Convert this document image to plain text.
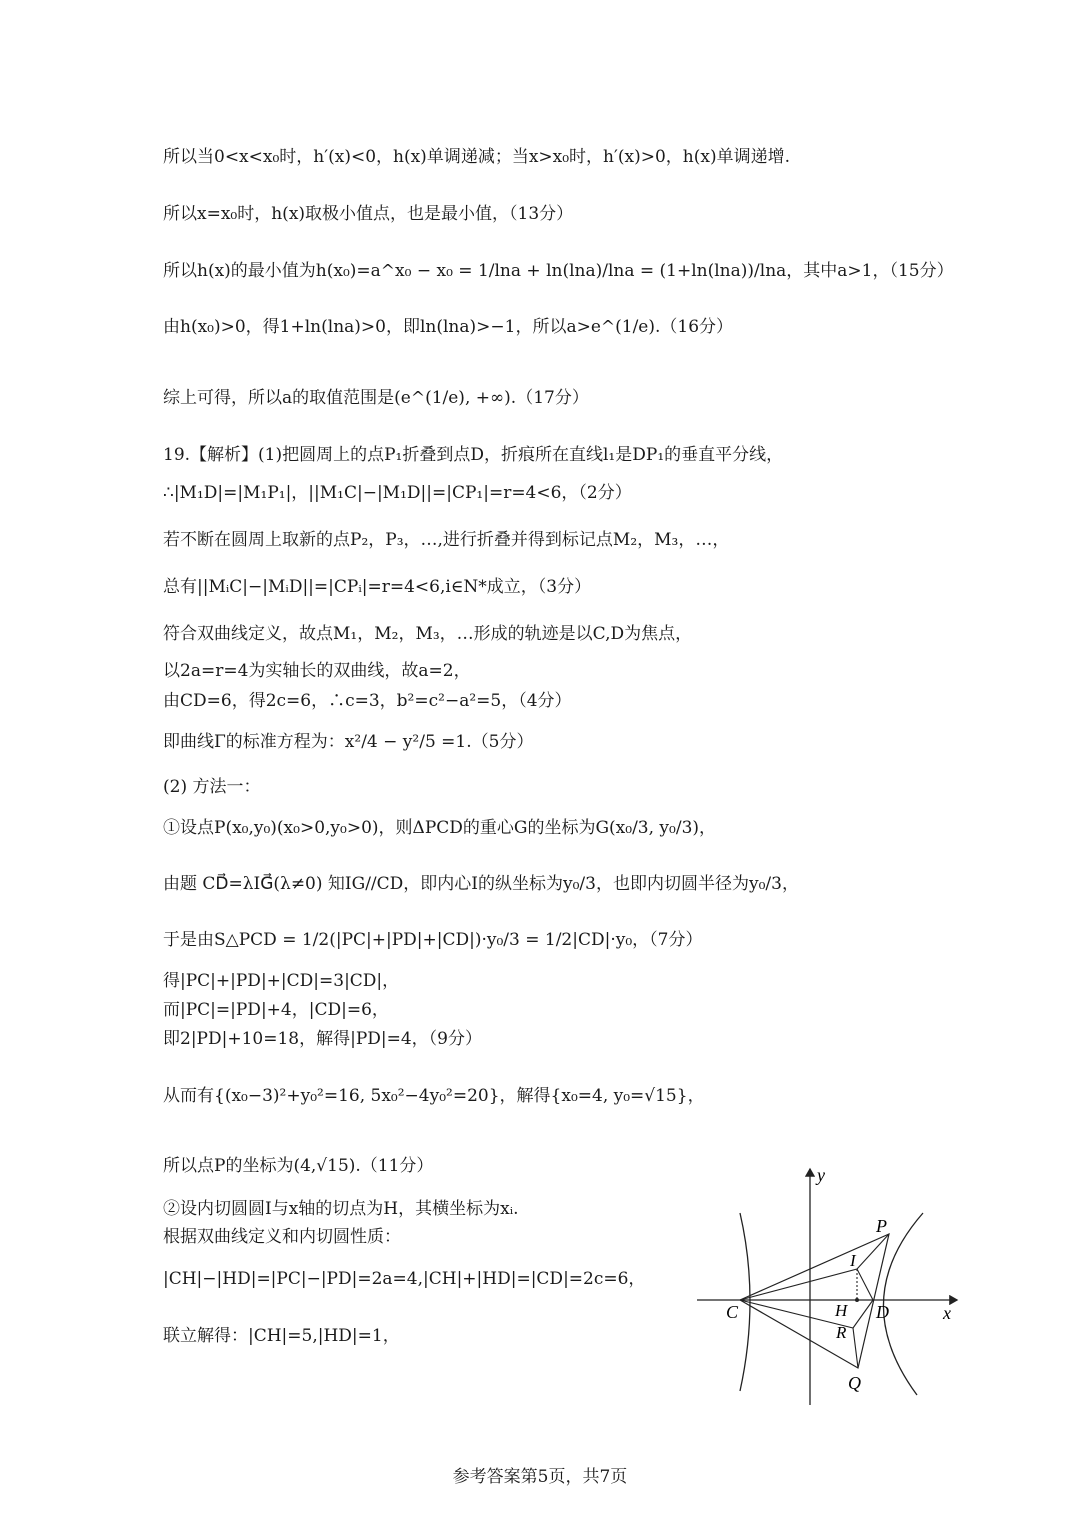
所以当0<x<x₀时，h′(x)<0，h(x)单调递减；当x>x₀时，h′(x)>0，h(x)单调递增.
所以x=x₀时，h(x)取极小值点，也是最小值，（13分）
所以h(x)的最小值为h(x₀)=a^x₀ − x₀ = 1/lna + ln(lna)/lna = (1+ln(lna))/lna，其中a>1，（15分）
由h(x₀)>0，得1+ln(lna)>0，即ln(lna)>−1，所以a>e^(1/e).（16分）
综上可得，所以a的取值范围是(e^(1/e), +∞).（17分）
19.【解析】(1)把圆周上的点P₁折叠到点D，折痕所在直线l₁是DP₁的垂直平分线，
∴|M₁D|=|M₁P₁|，||M₁C|−|M₁D||=|CP₁|=r=4<6，（2分）
若不断在圆周上取新的点P₂，P₃，…,进行折叠并得到标记点M₂，M₃，…，
总有||MᵢC|−|MᵢD||=|CPᵢ|=r=4<6,i∈N*成立，（3分）
符合双曲线定义，故点M₁，M₂，M₃，…形成的轨迹是以C,D为焦点，
以2a=r=4为实轴长的双曲线，故a=2，
由CD=6，得2c=6，∴c=3，b²=c²−a²=5，（4分）
即曲线Γ的标准方程为：x²/4 − y²/5 =1.（5分）
(2) 方法一：
①设点P(x₀,y₀)(x₀>0,y₀>0)，则ΔPCD的重心G的坐标为G(x₀/3, y₀/3)，
由题 CD⃗=λIG⃗(λ≠0) 知IG//CD，即内心I的纵坐标为y₀/3，也即内切圆半径为y₀/3，
于是由S△PCD = 1/2(|PC|+|PD|+|CD|)·y₀/3 = 1/2|CD|·y₀，（7分）
得|PC|+|PD|+|CD|=3|CD|，
而|PC|=|PD|+4，|CD|=6，
即2|PD|+10=18，解得|PD|=4，（9分）
从而有{(x₀−3)²+y₀²=16, 5x₀²−4y₀²=20}，解得{x₀=4, y₀=√15}，
所以点P的坐标为(4,√15).（11分）
②设内切圆圆I与x轴的切点为H，其横坐标为xᵢ.
根据双曲线定义和内切圆性质：
|CH|−|HD|=|PC|−|PD|=2a=4,|CH|+|HD|=|CD|=2c=6，
联立解得：|CH|=5,|HD|=1，
x
y
C	H D
P
I
R
Q
参考答案第5页，共7页
